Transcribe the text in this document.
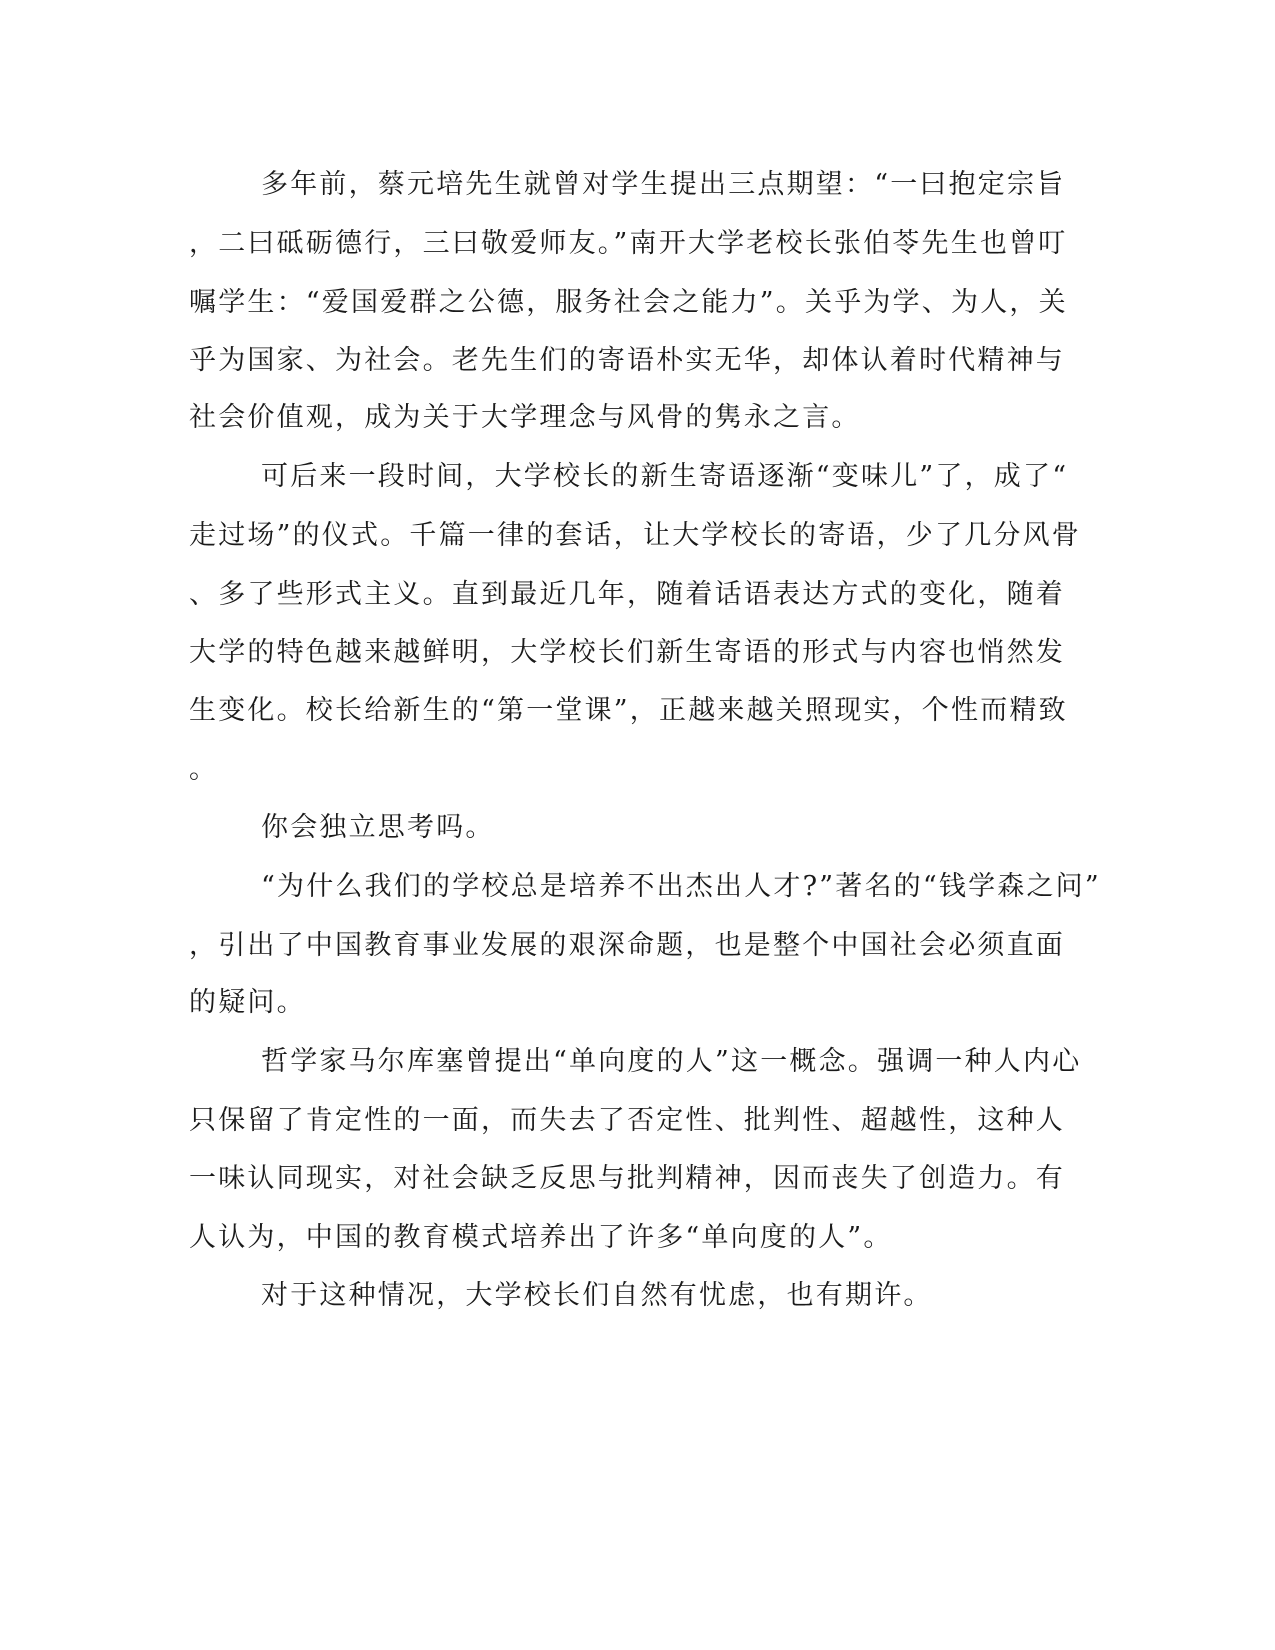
多年前，蔡元培先生就曾对学生提出三点期望：“一曰抱定宗旨
，二曰砥砺德行，三曰敬爱师友。”南开大学老校长张伯苓先生也曾叮
嘱学生：“爱国爱群之公德，服务社会之能力”。关乎为学、为人，关
乎为国家、为社会。老先生们的寄语朴实无华，却体认着时代精神与
社会价值观，成为关于大学理念与风骨的隽永之言。
可后来一段时间，大学校长的新生寄语逐渐“变味儿”了，成了“
走过场”的仪式。千篇一律的套话，让大学校长的寄语，少了几分风骨
、多了些形式主义。直到最近几年，随着话语表达方式的变化，随着
大学的特色越来越鲜明，大学校长们新生寄语的形式与内容也悄然发
生变化。校长给新生的“第一堂课”，正越来越关照现实，个性而精致
。
你会独立思考吗。
“为什么我们的学校总是培养不出杰出人才?”著名的“钱学森之问”
，引出了中国教育事业发展的艰深命题，也是整个中国社会必须直面
的疑问。
哲学家马尔库塞曾提出“单向度的人”这一概念。强调一种人内心
只保留了肯定性的一面，而失去了否定性、批判性、超越性，这种人
一味认同现实，对社会缺乏反思与批判精神，因而丧失了创造力。有
人认为，中国的教育模式培养出了许多“单向度的人”。
对于这种情况，大学校长们自然有忧虑，也有期许。
